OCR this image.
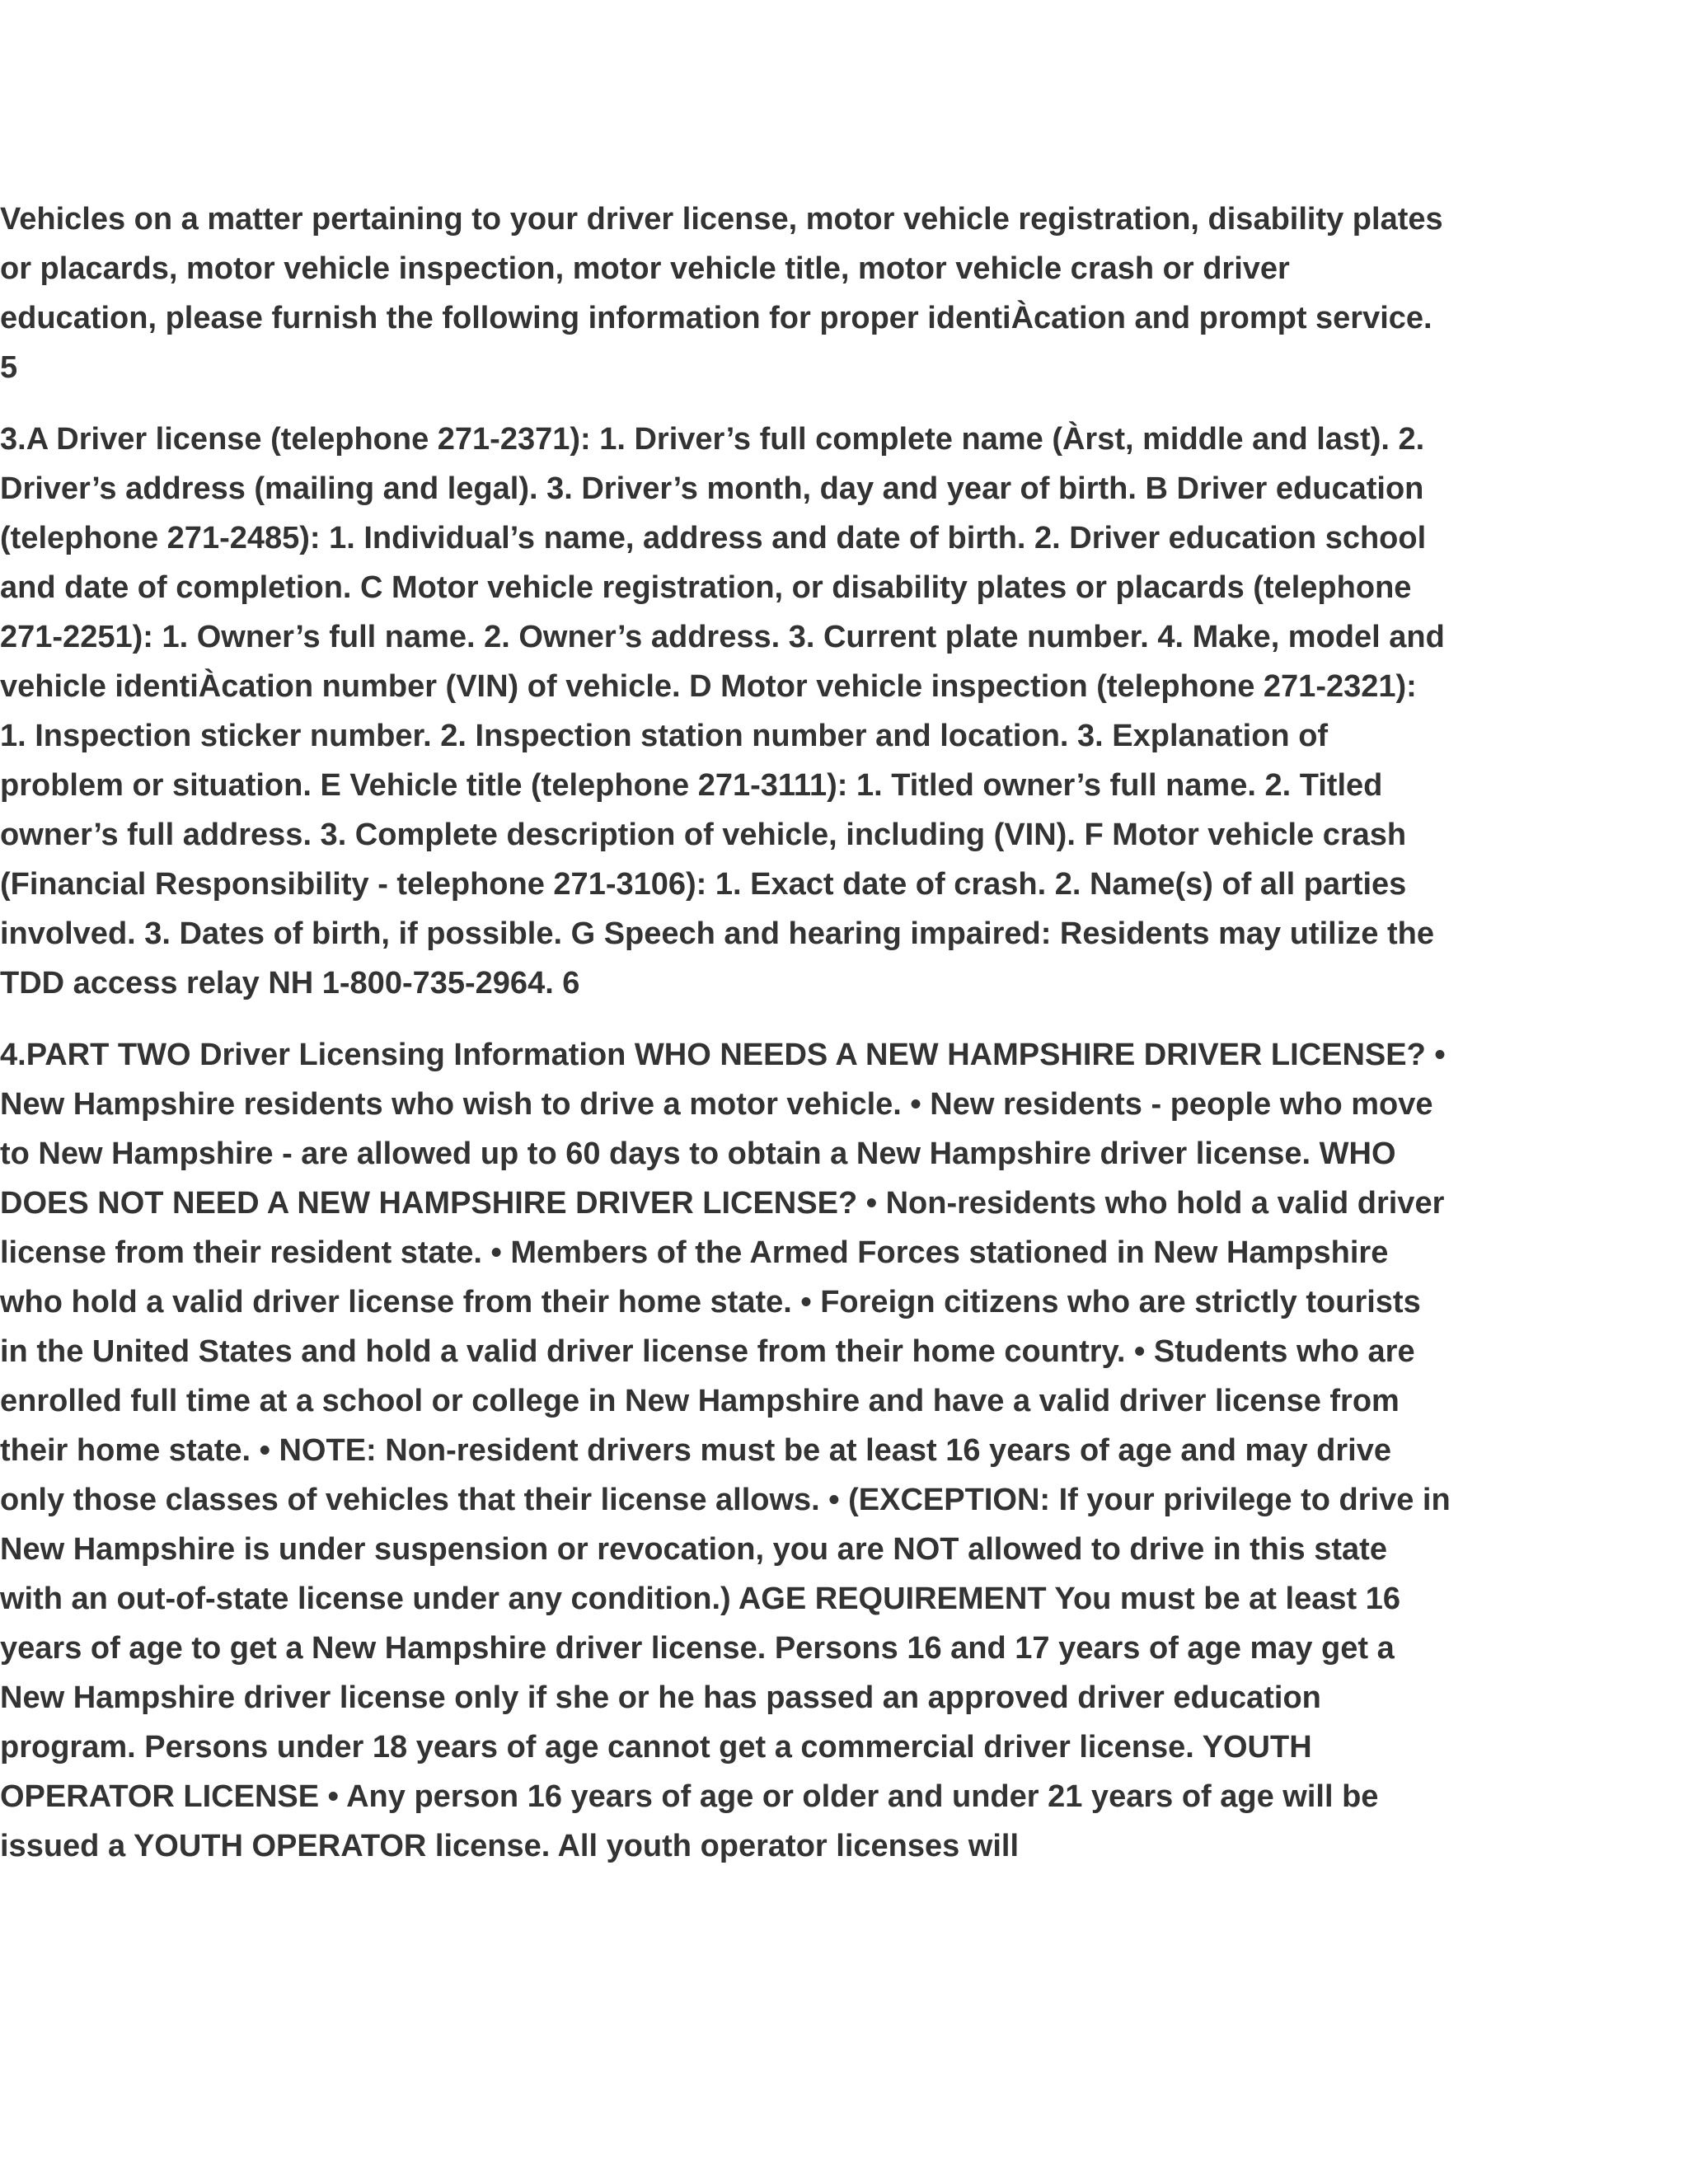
Vehicles on a matter pertaining to your driver license, motor vehicle registration, disability plates or placards, motor vehicle inspection, motor vehicle title, motor vehicle crash or driver education, please furnish the following information for proper identiÀcation and prompt service. 5

3.A Driver license (telephone 271-2371): 1. Driver’s full complete name (Àrst, middle and last). 2. Driver’s address (mailing and legal). 3. Driver’s month, day and year of birth. B Driver education (telephone 271-2485): 1. Individual’s name, address and date of birth. 2. Driver education school and date of completion. C Motor vehicle registration, or disability plates or placards (telephone 271-2251): 1. Owner’s full name. 2. Owner’s address. 3. Current plate number. 4. Make, model and vehicle identiÀcation number (VIN) of vehicle. D Motor vehicle inspection (telephone 271-2321): 1. Inspection sticker number. 2. Inspection station number and location. 3. Explanation of problem or situation. E Vehicle title (telephone 271-3111): 1. Titled owner’s full name. 2. Titled owner’s full address. 3. Complete description of vehicle, including (VIN). F Motor vehicle crash (Financial Responsibility - telephone 271-3106): 1. Exact date of crash. 2. Name(s) of all parties involved. 3. Dates of birth, if possible. G Speech and hearing impaired: Residents may utilize the TDD access relay NH 1-800-735-2964. 6

4.PART TWO Driver Licensing Information WHO NEEDS A NEW HAMPSHIRE DRIVER LICENSE? • New Hampshire residents who wish to drive a motor vehicle. • New residents - people who move to New Hampshire - are allowed up to 60 days to obtain a New Hampshire driver license. WHO DOES NOT NEED A NEW HAMPSHIRE DRIVER LICENSE? • Non-residents who hold a valid driver license from their resident state. • Members of the Armed Forces stationed in New Hampshire who hold a valid driver license from their home state. • Foreign citizens who are strictly tourists in the United States and hold a valid driver license from their home country. • Students who are enrolled full time at a school or college in New Hampshire and have a valid driver license from their home state. • NOTE: Non-resident drivers must be at least 16 years of age and may drive only those classes of vehicles that their license allows. • (EXCEPTION: If your privilege to drive in New Hampshire is under suspension or revocation, you are NOT allowed to drive in this state with an out-of-state license under any condition.) AGE REQUIREMENT You must be at least 16 years of age to get a New Hampshire driver license. Persons 16 and 17 years of age may get a New Hampshire driver license only if she or he has passed an approved driver education program. Persons under 18 years of age cannot get a commercial driver license. YOUTH OPERATOR LICENSE • Any person 16 years of age or older and under 21 years of age will be issued a YOUTH OPERATOR license. All youth operator licenses will
